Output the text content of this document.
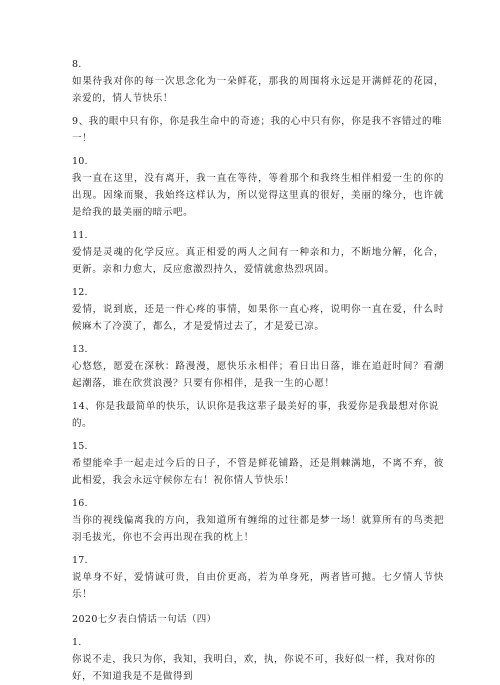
8.

如果待我对你的每一次思念化为一朵鲜花，那我的周围将永远是开满鲜花的花园，亲爱的，情人节快乐！

9、我的眼中只有你，你是我生命中的奇迹；我的心中只有你，你是我不容错过的唯一！
10.

我一直在这里，没有离开，我一直在等待，等着那个和我终生相伴相爱一生的你的出现。因缘而聚，我始终这样认为，所以觉得这里真的很好，美丽的缘分，也许就是给我的最美丽的暗示吧。

11.

爱情是灵魂的化学反应。真正相爱的两人之间有一种亲和力，不断地分解，化合，更新。亲和力愈大，反应愈激烈持久，爱情就愈热烈巩固。

12.

爱情，说到底，还是一件心疼的事情，如果你一直心疼，说明你一直在爱，什么时候麻木了冷漠了，都么，才是爱情过去了，才是爱已凉。

13.

心悠悠，愿爱在深秋：路漫漫，愿快乐永相伴；看日出日落，谁在追赶时间？看潮起潮落，谁在欣赏浪漫？只要有你相伴，是我一生的心愿！

14、你是我最简单的快乐，认识你是我这辈子最美好的事，我爱你是我最想对你说的。
15.

希望能牵手一起走过今后的日子，不管是鲜花铺路，还是荆棘满地，不离不弃，彼此相爱，我会永远守候你左右！祝你情人节快乐！

16.

当你的视线偏离我的方向，我知道所有缠绵的过往都是梦一场！就算所有的鸟类把羽毛拔光，你也不会再出现在我的枕上！

17.

说单身不好，爱情诚可贵，自由价更高，若为单身死，两者皆可抛。七夕情人节快乐！

2020七夕表白情话一句话（四）
1.
你说不走，我只为你，我知，我明白，欢，执，你说不可，我好似一样，我对你的好，不知道我是不是做得到
